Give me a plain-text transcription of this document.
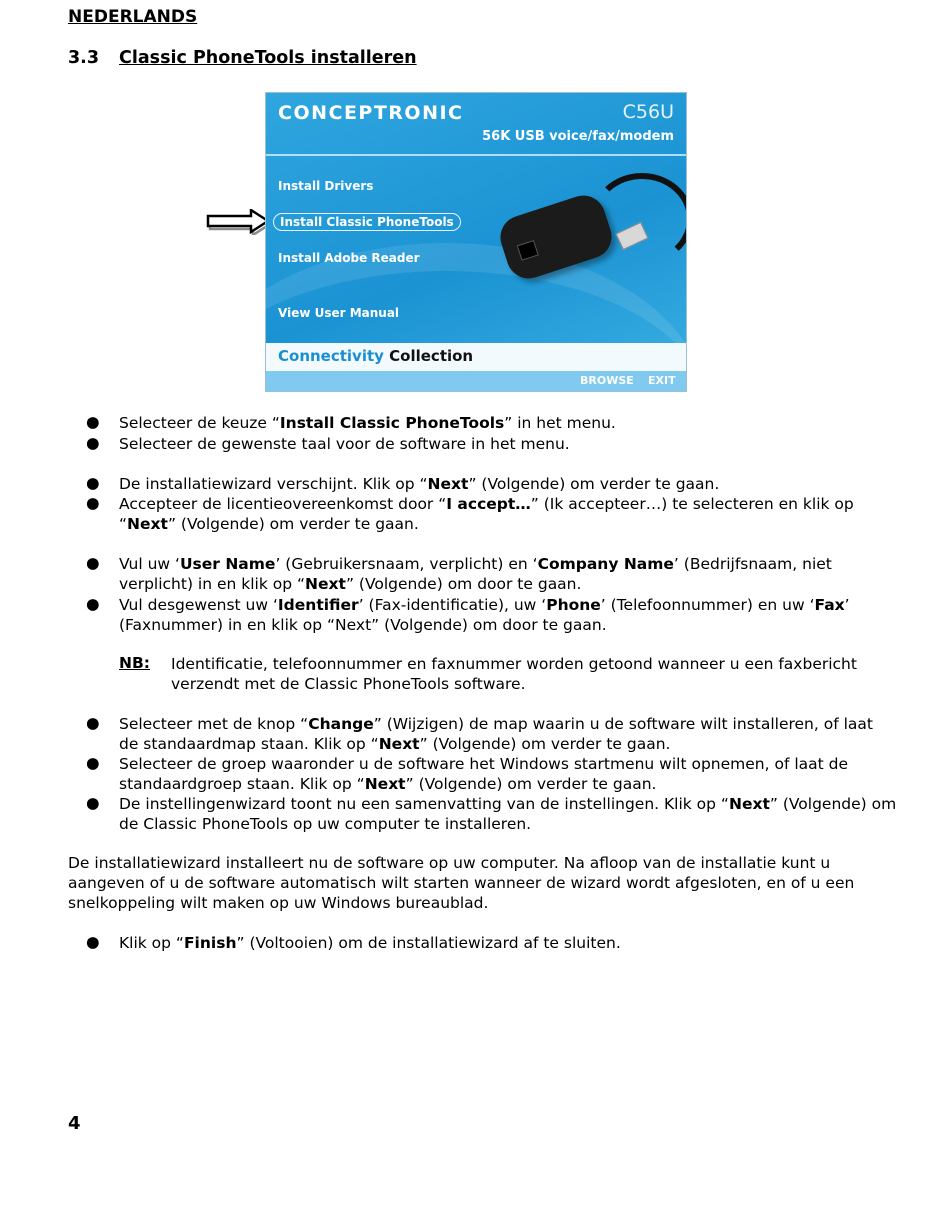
NEDERLANDS
3.3 Classic PhoneTools installeren
CONCEPTRONIC	C56U
56K USB voice/fax/modem
Install Drivers
Install Classic PhoneTools
Install Adobe Reader
View User Manual
Connectivity Collection
BROWSE EXIT
● Selecteer de keuze “Install Classic PhoneTools” in het menu.
● Selecteer de gewenste taal voor de software in het menu.
● De installatiewizard verschijnt. Klik op “Next” (Volgende) om verder te gaan.
● Accepteer de licentieovereenkomst door “I accept…” (Ik accepteer…) te selecteren en klik op
“Next” (Volgende) om verder te gaan.
● Vul uw ‘User Name’ (Gebruikersnaam, verplicht) en ‘Company Name’ (Bedrijfsnaam, niet
verplicht) in en klik op “Next” (Volgende) om door te gaan.
● Vul desgewenst uw ‘Identifier’ (Fax-identificatie), uw ‘Phone’ (Telefoonnummer) en uw ‘Fax’
(Faxnummer) in en klik op “Next” (Volgende) om door te gaan.
NB: Identificatie, telefoonnummer en faxnummer worden getoond wanneer u een faxbericht
verzendt met de Classic PhoneTools software.
● Selecteer met de knop “Change” (Wijzigen) de map waarin u de software wilt installeren, of laat
de standaardmap staan. Klik op “Next” (Volgende) om verder te gaan.
● Selecteer de groep waaronder u de software het Windows startmenu wilt opnemen, of laat de
standaardgroep staan. Klik op “Next” (Volgende) om verder te gaan.
● De instellingenwizard toont nu een samenvatting van de instellingen. Klik op “Next” (Volgende) om
de Classic PhoneTools op uw computer te installeren.
De installatiewizard installeert nu de software op uw computer. Na afloop van de installatie kunt u
aangeven of u de software automatisch wilt starten wanneer de wizard wordt afgesloten, en of u een
snelkoppeling wilt maken op uw Windows bureaublad.
● Klik op “Finish” (Voltooien) om de installatiewizard af te sluiten.
4
